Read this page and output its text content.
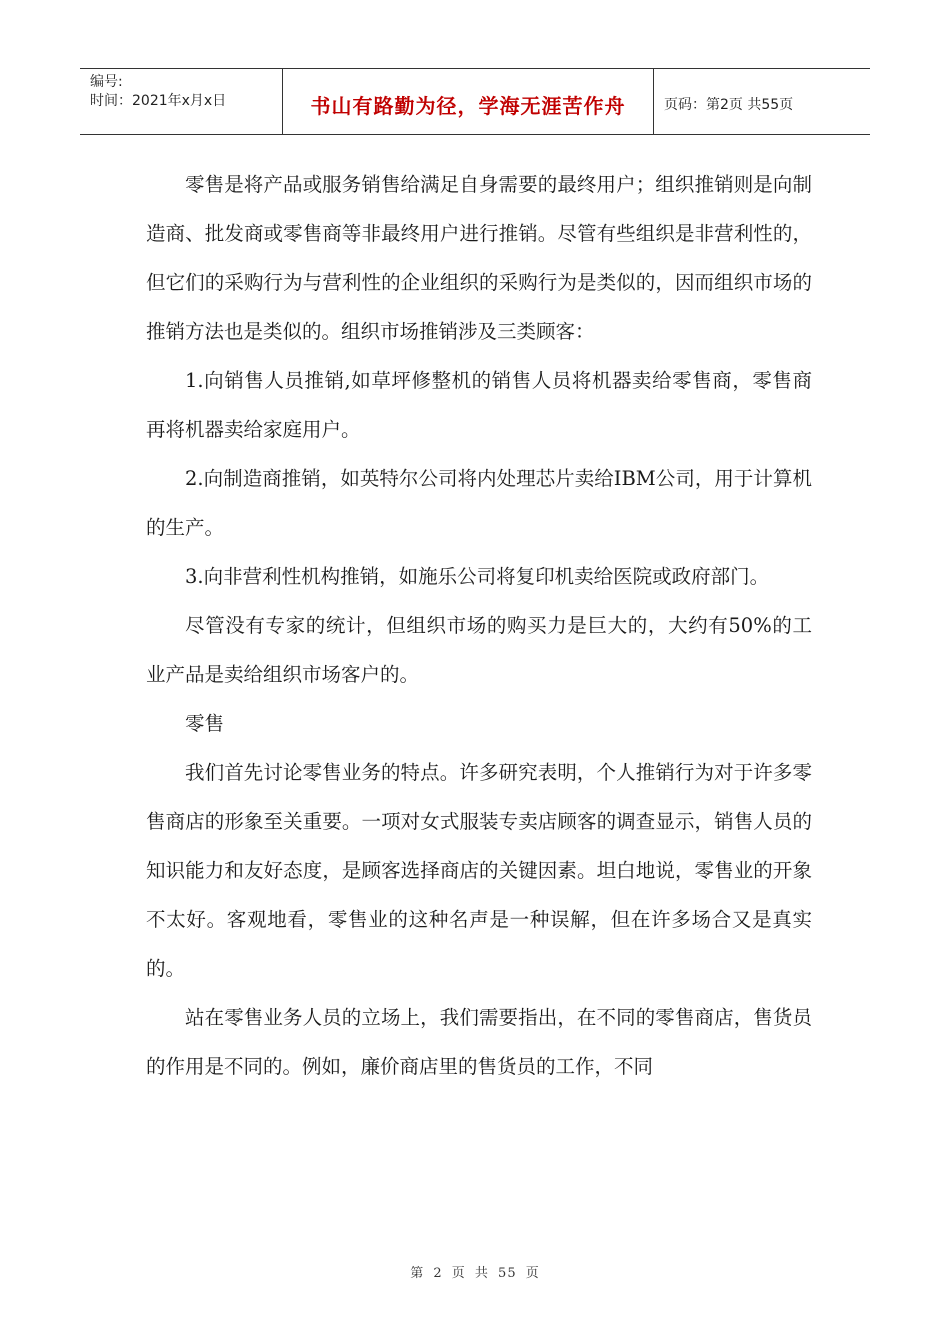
编号:
时间：2021年x月x日	书山有路勤为径，学海无涯苦作舟	页码：第2页 共55页

零售是将产品或服务销售给满足自身需要的最终用户；组织推销则是向制造商、批发商或零售商等非最终用户进行推销。尽管有些组织是非营利性的，但它们的采购行为与营利性的企业组织的采购行为是类似的，因而组织市场的推销方法也是类似的。组织市场推销涉及三类顾客：

1.向销售人员推销,如草坪修整机的销售人员将机器卖给零售商，零售商再将机器卖给家庭用户。

2.向制造商推销，如英特尔公司将内处理芯片卖给IBM公司，用于计算机的生产。

3.向非营利性机构推销，如施乐公司将复印机卖给医院或政府部门。

尽管没有专家的统计，但组织市场的购买力是巨大的，大约有50%的工业产品是卖给组织市场客户的。

零售

我们首先讨论零售业务的特点。许多研究表明，个人推销行为对于许多零售商店的形象至关重要。一项对女式服装专卖店顾客的调查显示，销售人员的知识能力和友好态度，是顾客选择商店的关键因素。坦白地说，零售业的开象不太好。客观地看，零售业的这种名声是一种误解，但在许多场合又是真实的。

站在零售业务人员的立场上，我们需要指出，在不同的零售商店，售货员的作用是不同的。例如，廉价商店里的售货员的工作，不同

第 2 页 共 55 页
